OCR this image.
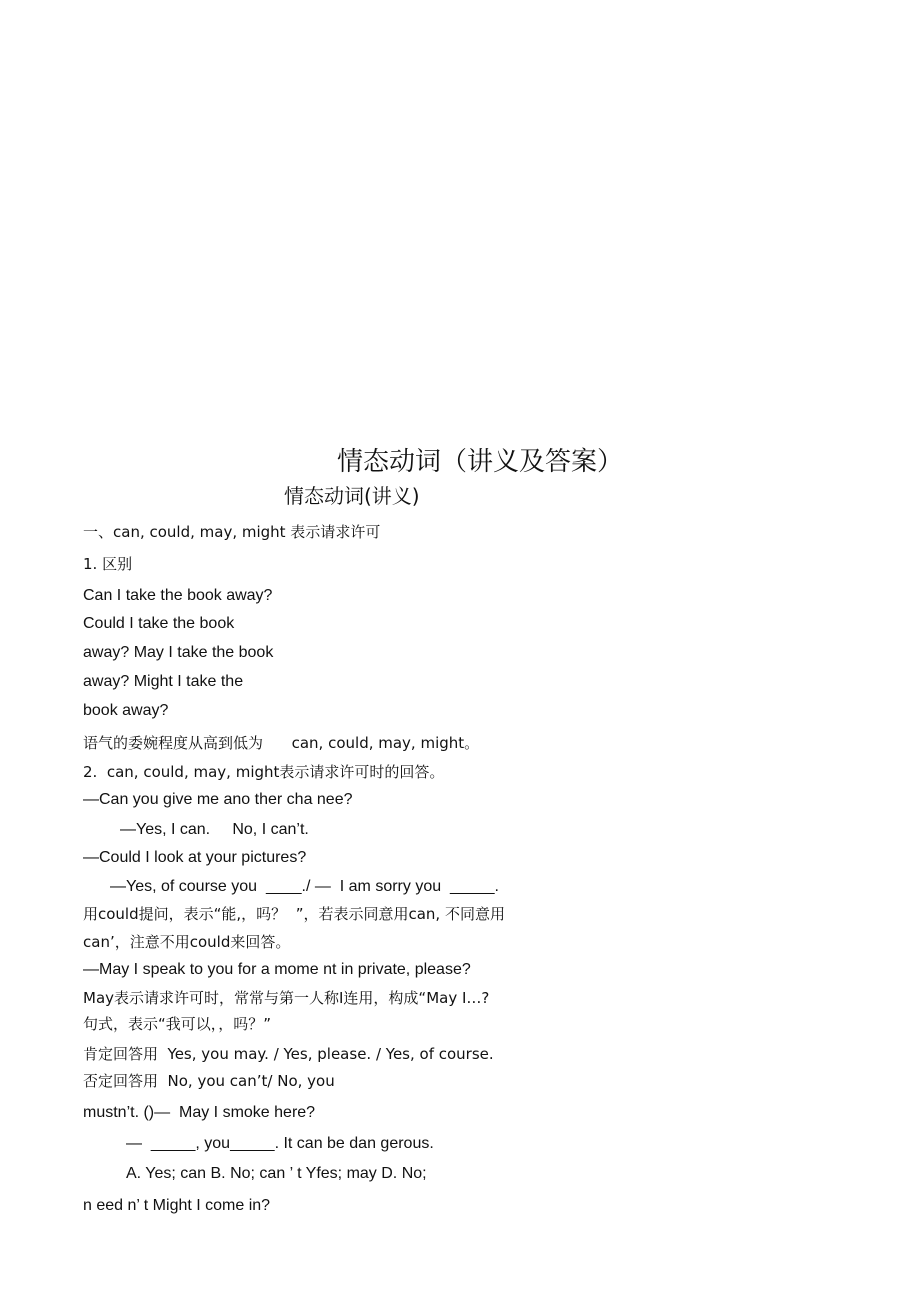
情态动词（讲义及答案）
情态动词(讲义)
一、can, could, may, might 表示请求许可
1. 区别
Can I take the book away?
Could I take the book
away? May I take the book
away? Might I take the
book away?
语气的委婉程度从高到低为      can, could, may, might。
2.  can, could, may, might表示请求许可时的回答。
—Can you give me ano ther cha nee?
—Yes, I can.     No, I can’t.
—Could I look at your pictures?
—Yes, of course you  ____./ —  I am sorry you  _____.
用could提问，表示“能,，吗？  ”，若表示同意用can, 不同意用
can’，注意不用could来回答。
—May I speak to you for a mome nt in private, please?
May表示请求许可时，常常与第一人称I连用，构成“May I…?
句式，表示“我可以，，吗？”
肯定回答用  Yes, you may. / Yes, please. / Yes, of course.
否定回答用  No, you can’t/ No, you
mustn’t. ()—  May I smoke here?
—  _____, you_____. It can be dan gerous.
A. Yes; can B. No; can ’ t Yfes; may D. No;
n eed n’ t Might I come in?
